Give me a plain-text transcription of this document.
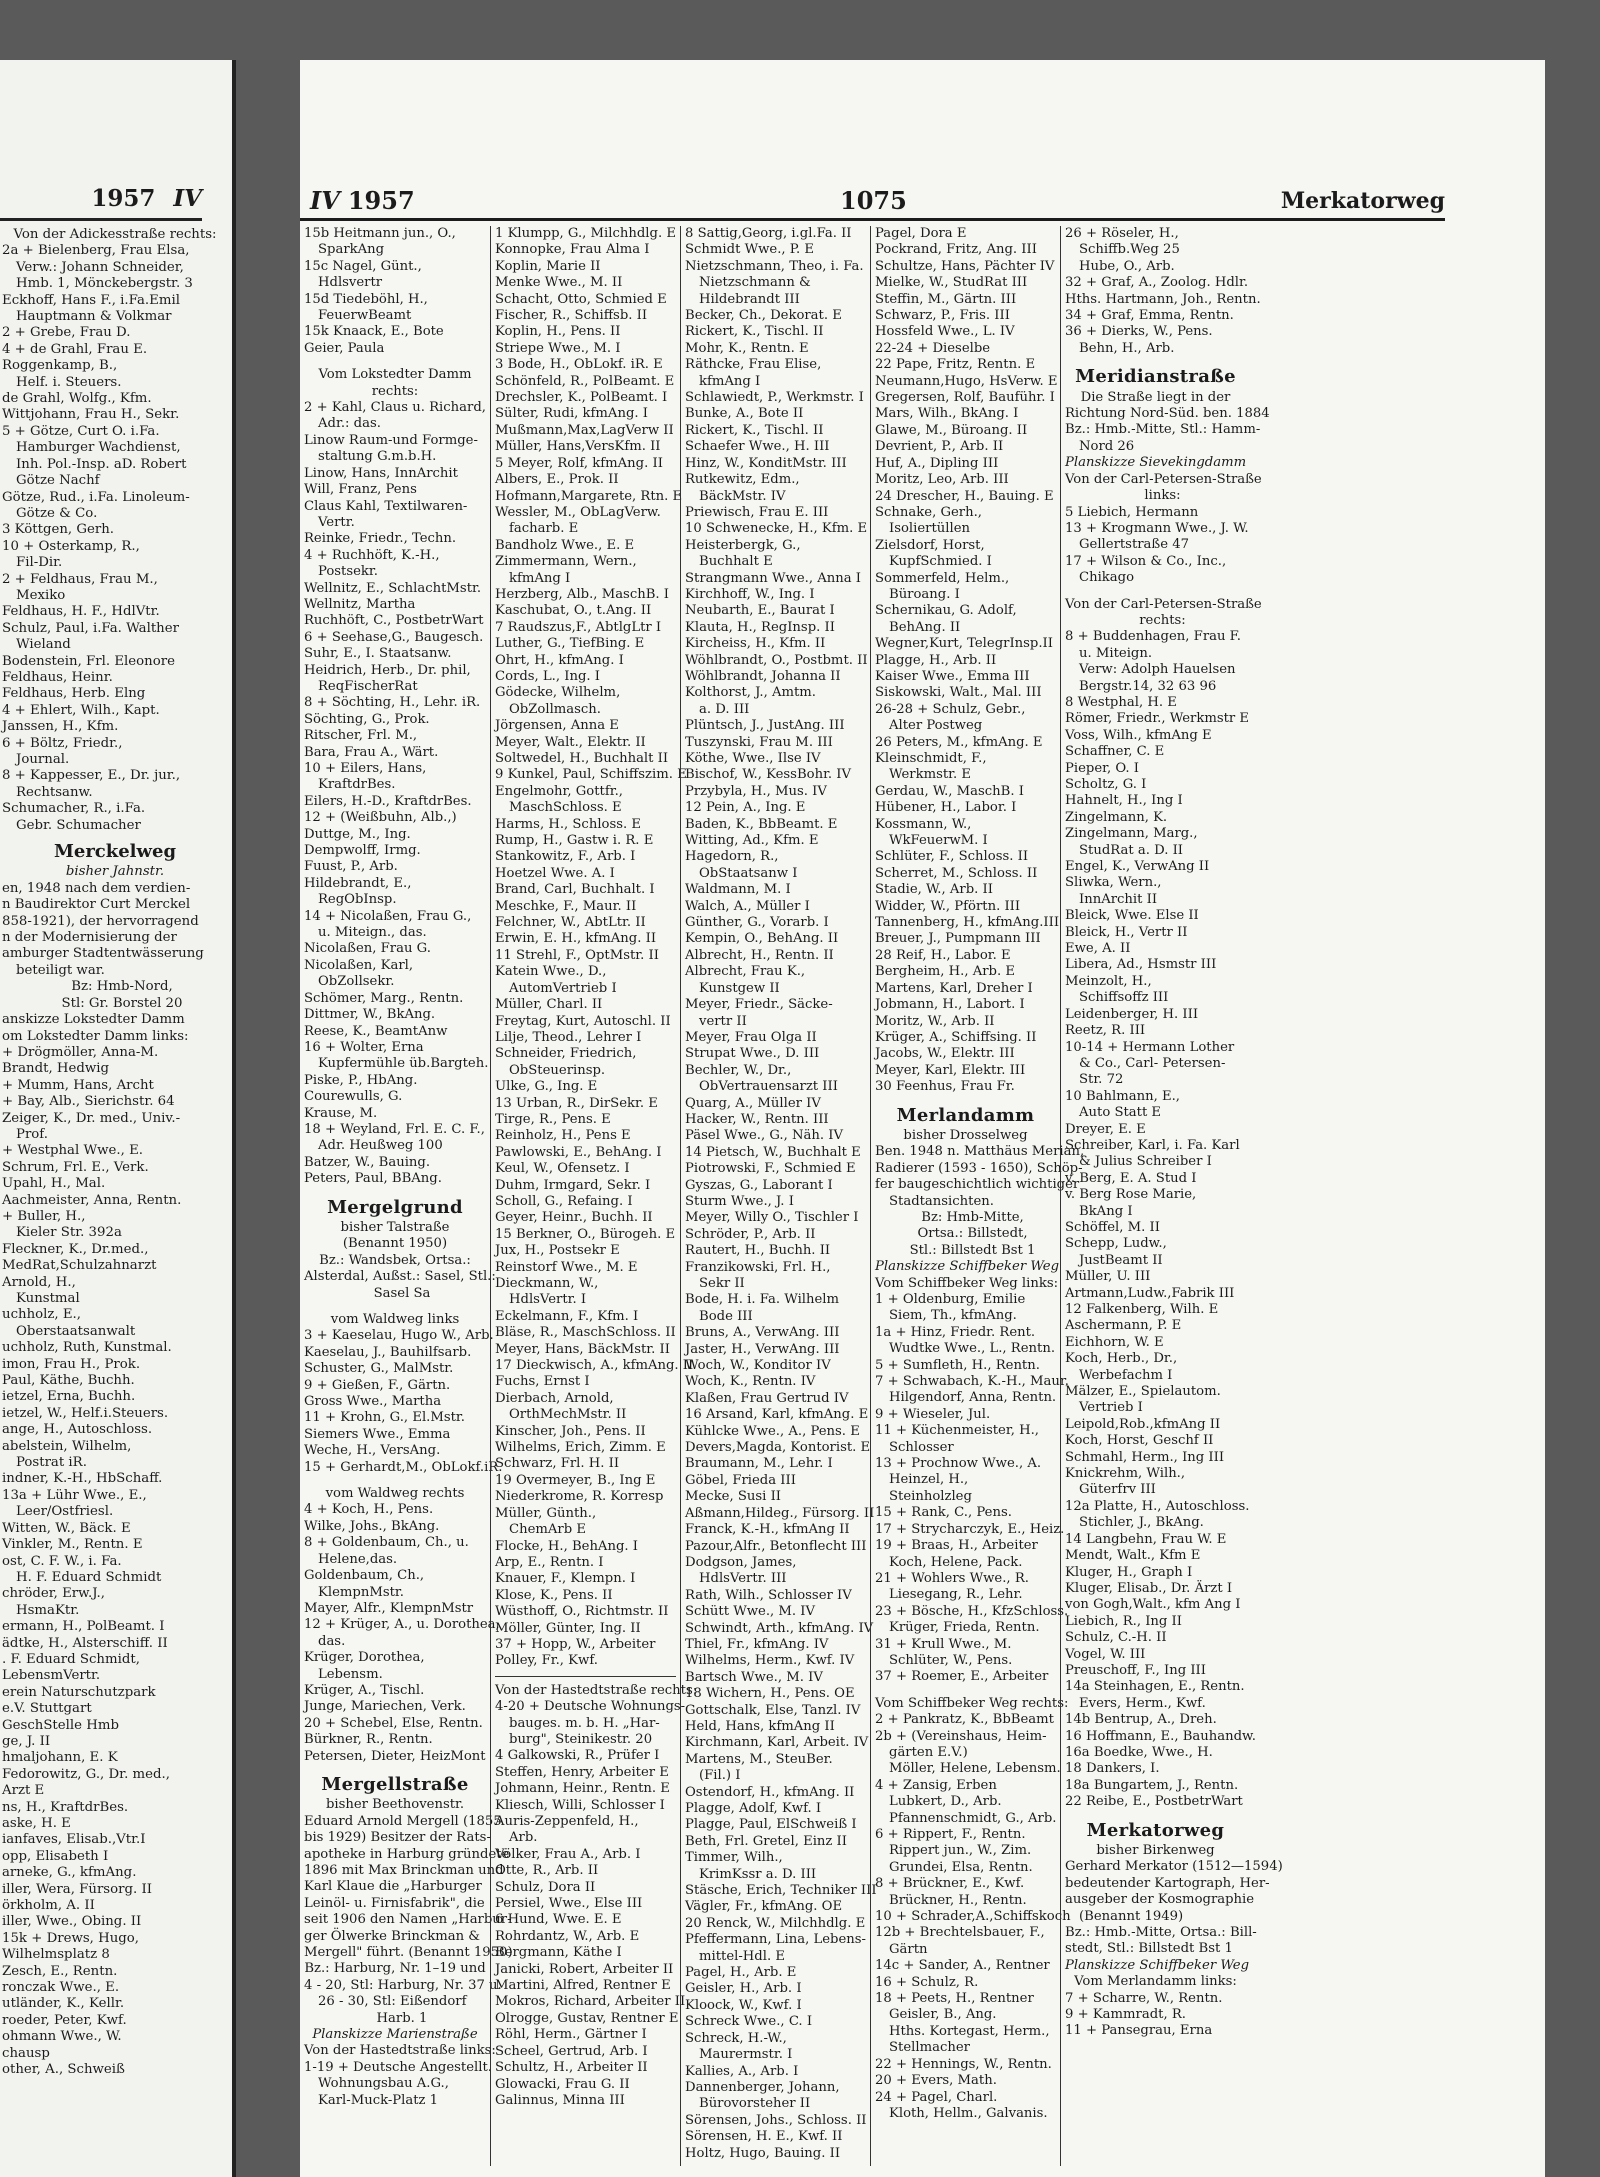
1957 IV
Von der Adickesstraße rechts:
2a + Bielenberg, Frau Elsa,
Verw.: Johann Schneider,
Hmb. 1, Mönckebergstr. 3
Eckhoff, Hans F., i.Fa.Emil
Hauptmann & Volkmar
2 + Grebe, Frau D.
4 + de Grahl, Frau E.
Roggenkamp, B.,
Helf. i. Steuers.
de Grahl, Wolfg., Kfm.
Wittjohann, Frau H., Sekr.
5 + Götze, Curt O. i.Fa.
Hamburger Wachdienst,
Inh. Pol.-Insp. aD. Robert
Götze Nachf
Götze, Rud., i.Fa. Linoleum-
Götze & Co.
3 Köttgen, Gerh.
10 + Osterkamp, R.,
Fil-Dir.
2 + Feldhaus, Frau M.,
Mexiko
Feldhaus, H. F., HdlVtr.
Schulz, Paul, i.Fa. Walther
Wieland
Bodenstein, Frl. Eleonore
Feldhaus, Heinr.
Feldhaus, Herb. Elng
4 + Ehlert, Wilh., Kapt.
Janssen, H., Kfm.
6 + Böltz, Friedr.,
Journal.
8 + Kappesser, E., Dr. jur.,
Rechtsanw.
Schumacher, R., i.Fa.
Gebr. Schumacher
Merckelweg
bisher Jahnstr.
en, 1948 nach dem verdien-
n Baudirektor Curt Merckel
858-1921), der hervorragend
n der Modernisierung der
amburger Stadtentwässerung
beteiligt war.
Bz: Hmb-Nord,
Stl: Gr. Borstel 20
anskizze Lokstedter Damm
om Lokstedter Damm links:
+ Drögmöller, Anna-M.
Brandt, Hedwig
+ Mumm, Hans, Archt
+ Bay, Alb., Sierichstr. 64
Zeiger, K., Dr. med., Univ.-
Prof.
+ Westphal Wwe., E.
Schrum, Frl. E., Verk.
Upahl, H., Mal.
Aachmeister, Anna, Rentn.
+ Buller, H.,
Kieler Str. 392a
Fleckner, K., Dr.med.,
MedRat,Schulzahnarzt
Arnold, H.,
Kunstmal
uchholz, E.,
Oberstaatsanwalt
uchholz, Ruth, Kunstmal.
imon, Frau H., Prok.
Paul, Käthe, Buchh.
ietzel, Erna, Buchh.
ietzel, W., Helf.i.Steuers.
ange, H., Autoschloss.
abelstein, Wilhelm,
Postrat iR.
indner, K.-H., HbSchaff.
13a + Lühr Wwe., E.,
Leer/Ostfriesl.
Witten, W., Bäck. E
Vinkler, M., Rentn. E
ost, C. F. W., i. Fa.
H. F. Eduard Schmidt
chröder, Erw.J.,
HsmaKtr.
ermann, H., PolBeamt. I
ädtke, H., Alsterschiff. II
. F. Eduard Schmidt,
LebensmVertr.
erein Naturschutzpark
e.V. Stuttgart
GeschStelle Hmb
ge, J. II
hmaljohann, E. K
Fedorowitz, G., Dr. med.,
Arzt E
ns, H., KraftdrBes.
aske, H. E
ianfaves, Elisab.,Vtr.I
opp, Elisabeth I
arneke, G., kfmAng.
iller, Wera, Fürsorg. II
örkholm, A. II
iller, Wwe., Obing. II
15k + Drews, Hugo,
Wilhelmsplatz 8
Zesch, E., Rentn.
ronczak Wwe., E.
utländer, K., Kellr.
roeder, Peter, Kwf.
ohmann Wwe., W.
chausp
other, A., Schweiß
IV 1957	1075	Merkatorweg
15b Heitmann jun., O.,
SparkAng
15c Nagel, Günt.,
Hdlsvertr
15d Tiedeböhl, H.,
FeuerwBeamt
15k Knaack, E., Bote
Geier, Paula
Vom Lokstedter Damm
rechts:
2 + Kahl, Claus u. Richard,
Adr.: das.
Linow Raum-und Formge-
staltung G.m.b.H.
Linow, Hans, InnArchit
Will, Franz, Pens
Claus Kahl, Textilwaren-
Vertr.
Reinke, Friedr., Techn.
4 + Ruchhöft, K.-H.,
Postsekr.
Wellnitz, E., SchlachtMstr.
Wellnitz, Martha
Ruchhöft, C., PostbetrWart
6 + Seehase,G., Baugesch.
Suhr, E., I. Staatsanw.
Heidrich, Herb., Dr. phil,
ReqFischerRat
8 + Söchting, H., Lehr. iR.
Söchting, G., Prok.
Ritscher, Frl. M.,
Bara, Frau A., Wärt.
10 + Eilers, Hans,
KraftdrBes.
Eilers, H.-D., KraftdrBes.
12 + (Weißbuhn, Alb.,)
Duttge, M., Ing.
Dempwolff, Irmg.
Fuust, P., Arb.
Hildebrandt, E.,
RegObInsp.
14 + Nicolaßen, Frau G.,
u. Miteign., das.
Nicolaßen, Frau G.
Nicolaßen, Karl,
ObZollsekr.
Schömer, Marg., Rentn.
Dittmer, W., BkAng.
Reese, K., BeamtAnw
16 + Wolter, Erna
Kupfermühle üb.Bargteh.
Piske, P., HbAng.
Courewulls, G.
Krause, M.
18 + Weyland, Frl. E. C. F.,
Adr. Heußweg 100
Batzer, W., Bauing.
Peters, Paul, BBAng.
Mergelgrund
bisher Talstraße
(Benannt 1950)
Bz.: Wandsbek, Ortsa.:
Alsterdal, Außst.: Sasel, Stl.:
Sasel Sa
vom Waldweg links
3 + Kaeselau, Hugo W., Arb.
Kaeselau, J., Bauhilfsarb.
Schuster, G., MalMstr.
9 + Gießen, F., Gärtn.
Gross Wwe., Martha
11 + Krohn, G., El.Mstr.
Siemers Wwe., Emma
Weche, H., VersAng.
15 + Gerhardt,M., ObLokf.iR.
vom Waldweg rechts
4 + Koch, H., Pens.
Wilke, Johs., BkAng.
8 + Goldenbaum, Ch., u.
Helene,das.
Goldenbaum, Ch.,
KlempnMstr.
Mayer, Alfr., KlempnMstr
12 + Krüger, A., u. Dorothea,
das.
Krüger, Dorothea,
Lebensm.
Krüger, A., Tischl.
Junge, Mariechen, Verk.
20 + Schebel, Else, Rentn.
Bürkner, R., Rentn.
Petersen, Dieter, HeizMont
Mergellstraße
bisher Beethovenstr.
Eduard Arnold Mergell (1855
bis 1929) Besitzer der Rats-
apotheke in Harburg gründete
1896 mit Max Brinckman und
Karl Klaue die „Harburger
Leinöl- u. Firnisfabrik", die
seit 1906 den Namen „Harbur-
ger Ölwerke Brinckman &
Mergell" führt. (Benannt 1950)
Bz.: Harburg, Nr. 1–19 und
4 - 20, Stl: Harburg, Nr. 37 u.
26 - 30, Stl: Eißendorf
Harb. 1
Planskizze Marienstraße
Von der Hastedtstraße links:
1-19 + Deutsche Angestellt.
Wohnungsbau A.G.,
Karl-Muck-Platz 1
1 Klumpp, G., Milchhdlg. E
Konnopke, Frau Alma I
Koplin, Marie II
Menke Wwe., M. II
Schacht, Otto, Schmied E
Fischer, R., Schiffsb. II
Koplin, H., Pens. II
Striepe Wwe., M. I
3 Bode, H., ObLokf. iR. E
Schönfeld, R., PolBeamt. E
Drechsler, K., PolBeamt. I
Sülter, Rudi, kfmAng. I
Mußmann,Max,LagVerw II
Müller, Hans,VersKfm. II
5 Meyer, Rolf, kfmAng. II
Albers, E., Prok. II
Hofmann,Margarete, Rtn. E
Wessler, M., ObLagVerw.
facharb. E
Bandholz Wwe., E. E
Zimmermann, Wern.,
kfmAng I
Herzberg, Alb., MaschB. I
Kaschubat, O., t.Ang. II
7 Raudszus,F., AbtlgLtr I
Luther, G., TiefBing. E
Ohrt, H., kfmAng. I
Cords, L., Ing. I
Gödecke, Wilhelm,
ObZollmasch.
Jörgensen, Anna E
Meyer, Walt., Elektr. II
Soltwedel, H., Buchhalt II
9 Kunkel, Paul, Schiffszim. E
Engelmohr, Gottfr.,
MaschSchloss. E
Harms, H., Schloss. E
Rump, H., Gastw i. R. E
Stankowitz, F., Arb. I
Hoetzel Wwe. A. I
Brand, Carl, Buchhalt. I
Meschke, F., Maur. II
Felchner, W., AbtLtr. II
Erwin, E. H., kfmAng. II
11 Strehl, F., OptMstr. II
Katein Wwe., D.,
AutomVertrieb I
Müller, Charl. II
Freytag, Kurt, Autoschl. II
Lilje, Theod., Lehrer I
Schneider, Friedrich,
ObSteuerinsp.
Ulke, G., Ing. E
13 Urban, R., DirSekr. E
Tirge, R., Pens. E
Reinholz, H., Pens E
Pawlowski, E., BehAng. I
Keul, W., Ofensetz. I
Duhm, Irmgard, Sekr. I
Scholl, G., Refaing. I
Geyer, Heinr., Buchh. II
15 Berkner, O., Bürogeh. E
Jux, H., Postsekr E
Reinstorf Wwe., M. E
Dieckmann, W.,
HdlsVertr. I
Eckelmann, F., Kfm. I
Bläse, R., MaschSchloss. II
Meyer, Hans, BäckMstr. II
17 Dieckwisch, A., kfmAng. II
Fuchs, Ernst I
Dierbach, Arnold,
OrthMechMstr. II
Kinscher, Joh., Pens. II
Wilhelms, Erich, Zimm. E
Schwarz, Frl. H. II
19 Overmeyer, B., Ing E
Niederkrome, R. Korresp
Müller, Günth.,
ChemArb E
Flocke, H., BehAng. I
Arp, E., Rentn. I
Knauer, F., Klempn. I
Klose, K., Pens. II
Wüsthoff, O., Richtmstr. II
Möller, Günter, Ing. II
37 + Hopp, W., Arbeiter
Polley, Fr., Kwf.
Von der Hastedtstraße rechts:
4-20 + Deutsche Wohnungs-
bauges. m. b. H. „Har-
burg", Steinikestr. 20
4 Galkowski, R., Prüfer I
Steffen, Henry, Arbeiter E
Johmann, Heinr., Rentn. E
Kliesch, Willi, Schlosser I
Auris-Zeppenfeld, H.,
Arb.
Völker, Frau A., Arb. I
Otte, R., Arb. II
Schulz, Dora II
Persiel, Wwe., Else III
6 Hund, Wwe. E. E
Rohrdantz, W., Arb. E
Bergmann, Käthe I
Janicki, Robert, Arbeiter II
Martini, Alfred, Rentner E
Mokros, Richard, Arbeiter II
Olrogge, Gustav, Rentner E
Röhl, Herm., Gärtner I
Scheel, Gertrud, Arb. I
Schultz, H., Arbeiter II
Glowacki, Frau G. II
Galinnus, Minna III
8 Sattig,Georg, i.gl.Fa. II
Schmidt Wwe., P. E
Nietzschmann, Theo, i. Fa.
Nietzschmann &
Hildebrandt III
Becker, Ch., Dekorat. E
Rickert, K., Tischl. II
Mohr, K., Rentn. E
Räthcke, Frau Elise,
kfmAng I
Schlawiedt, P., Werkmstr. I
Bunke, A., Bote II
Rickert, K., Tischl. II
Schaefer Wwe., H. III
Hinz, W., KonditMstr. III
Rutkewitz, Edm.,
BäckMstr. IV
Priewisch, Frau E. III
10 Schwenecke, H., Kfm. E
Heisterbergk, G.,
Buchhalt E
Strangmann Wwe., Anna I
Kirchhoff, W., Ing. I
Neubarth, E., Baurat I
Klauta, H., RegInsp. II
Kircheiss, H., Kfm. II
Wöhlbrandt, O., Postbmt. II
Wöhlbrandt, Johanna II
Kolthorst, J., Amtm.
a. D. III
Plüntsch, J., JustAng. III
Tuszynski, Frau M. III
Köthe, Wwe., Ilse IV
Bischof, W., KessBohr. IV
Przybyla, H., Mus. IV
12 Pein, A., Ing. E
Baden, K., BbBeamt. E
Witting, Ad., Kfm. E
Hagedorn, R.,
ObStaatsanw I
Waldmann, M. I
Walch, A., Müller I
Günther, G., Vorarb. I
Kempin, O., BehAng. II
Albrecht, H., Rentn. II
Albrecht, Frau K.,
Kunstgew II
Meyer, Friedr., Säcke-
vertr II
Meyer, Frau Olga II
Strupat Wwe., D. III
Bechler, W., Dr.,
ObVertrauensarzt III
Quarg, A., Müller IV
Hacker, W., Rentn. III
Päsel Wwe., G., Näh. IV
14 Pietsch, W., Buchhalt E
Piotrowski, F., Schmied E
Gyszas, G., Laborant I
Sturm Wwe., J. I
Meyer, Willy O., Tischler I
Schröder, P., Arb. II
Rautert, H., Buchh. II
Franzikowski, Frl. H.,
Sekr II
Bode, H. i. Fa. Wilhelm
Bode III
Bruns, A., VerwAng. III
Jaster, H., VerwAng. III
Woch, W., Konditor IV
Woch, K., Rentn. IV
Klaßen, Frau Gertrud IV
16 Arsand, Karl, kfmAng. E
Kühlcke Wwe., A., Pens. E
Devers,Magda, Kontorist. E
Braumann, M., Lehr. I
Göbel, Frieda III
Mecke, Susi II
Aßmann,Hildeg., Fürsorg. II
Franck, K.-H., kfmAng II
Pazour,Alfr., Betonflecht III
Dodgson, James,
HdlsVertr. III
Rath, Wilh., Schlosser IV
Schütt Wwe., M. IV
Schwindt, Arth., kfmAng. IV
Thiel, Fr., kfmAng. IV
Wilhelms, Herm., Kwf. IV
Bartsch Wwe., M. IV
18 Wichern, H., Pens. OE
Gottschalk, Else, Tanzl. IV
Held, Hans, kfmAng II
Kirchmann, Karl, Arbeit. IV
Martens, M., SteuBer.
(Fil.) I
Ostendorf, H., kfmAng. II
Plagge, Adolf, Kwf. I
Plagge, Paul, ElSchweiß I
Beth, Frl. Gretel, Einz II
Timmer, Wilh.,
KrimKssr a. D. III
Stäsche, Erich, Techniker III
Vägler, Fr., kfmAng. OE
20 Renck, W., Milchhdlg. E
Pfeffermann, Lina, Lebens-
mittel-Hdl. E
Pagel, H., Arb. E
Geisler, H., Arb. I
Kloock, W., Kwf. I
Schreck Wwe., C. I
Schreck, H.-W.,
Maurermstr. I
Kallies, A., Arb. I
Dannenberger, Johann,
Bürovorsteher II
Sörensen, Johs., Schloss. II
Sörensen, H. E., Kwf. II
Holtz, Hugo, Bauing. II
Pagel, Dora E
Pockrand, Fritz, Ang. III
Schultze, Hans, Pächter IV
Mielke, W., StudRat III
Steffin, M., Gärtn. III
Schwarz, P., Fris. III
Hossfeld Wwe., L. IV
22-24 + Dieselbe
22 Pape, Fritz, Rentn. E
Neumann,Hugo, HsVerw. E
Gregersen, Rolf, Bauführ. I
Mars, Wilh., BkAng. I
Glawe, M., Büroang. II
Devrient, P., Arb. II
Huf, A., Dipling III
Moritz, Leo, Arb. III
24 Drescher, H., Bauing. E
Schnake, Gerh.,
Isoliertüllen
Zielsdorf, Horst,
KupfSchmied. I
Sommerfeld, Helm.,
Büroang. I
Schernikau, G. Adolf,
BehAng. II
Wegner,Kurt, TelegrInsp.II
Plagge, H., Arb. II
Kaiser Wwe., Emma III
Siskowski, Walt., Mal. III
26-28 + Schulz, Gebr.,
Alter Postweg
26 Peters, M., kfmAng. E
Kleinschmidt, F.,
Werkmstr. E
Gerdau, W., MaschB. I
Hübener, H., Labor. I
Kossmann, W.,
WkFeuerwM. I
Schlüter, F., Schloss. II
Scherret, M., Schloss. II
Stadie, W., Arb. II
Widder, W., Pförtn. III
Tannenberg, H., kfmAng.III
Breuer, J., Pumpmann III
28 Reif, H., Labor. E
Bergheim, H., Arb. E
Martens, Karl, Dreher I
Jobmann, H., Labort. I
Moritz, W., Arb. II
Krüger, A., Schiffsing. II
Jacobs, W., Elektr. III
Meyer, Karl, Elektr. III
30 Feenhus, Frau Fr.
Merlandamm
bisher Drosselweg
Ben. 1948 n. Matthäus Merian,
Radierer (1593 - 1650), Schöp-
fer baugeschichtlich wichtiger
Stadtansichten.
Bz: Hmb-Mitte,
Ortsa.: Billstedt,
Stl.: Billstedt Bst 1
Planskizze Schiffbeker Weg
Vom Schiffbeker Weg links:
1 + Oldenburg, Emilie
Siem, Th., kfmAng.
1a + Hinz, Friedr. Rent.
Wudtke Wwe., L., Rentn.
5 + Sumfleth, H., Rentn.
7 + Schwabach, K.-H., Maur.
Hilgendorf, Anna, Rentn.
9 + Wieseler, Jul.
11 + Küchenmeister, H.,
Schlosser
13 + Prochnow Wwe., A.
Heinzel, H.,
Steinholzleg
15 + Rank, C., Pens.
17 + Strycharczyk, E., Heiz.
19 + Braas, H., Arbeiter
Koch, Helene, Pack.
21 + Wohlers Wwe., R.
Liesegang, R., Lehr.
23 + Bösche, H., KfzSchloss.
Krüger, Frieda, Rentn.
31 + Krull Wwe., M.
Schlüter, W., Pens.
37 + Roemer, E., Arbeiter
Vom Schiffbeker Weg rechts:
2 + Pankratz, K., BbBeamt
2b + (Vereinshaus, Heim-
gärten E.V.)
Möller, Helene, Lebensm.
4 + Zansig, Erben
Lubkert, D., Arb.
Pfannenschmidt, G., Arb.
6 + Rippert, F., Rentn.
Rippert jun., W., Zim.
Grundei, Elsa, Rentn.
8 + Brückner, E., Kwf.
Brückner, H., Rentn.
10 + Schrader,A.,Schiffskoch
12b + Brechtelsbauer, F.,
Gärtn
14c + Sander, A., Rentner
16 + Schulz, R.
18 + Peets, H., Rentner
Geisler, B., Ang.
Hths. Kortegast, Herm.,
Stellmacher
22 + Hennings, W., Rentn.
20 + Evers, Math.
24 + Pagel, Charl.
Kloth, Hellm., Galvanis.
26 + Röseler, H.,
Schiffb.Weg 25
Hube, O., Arb.
32 + Graf, A., Zoolog. Hdlr.
Hths. Hartmann, Joh., Rentn.
34 + Graf, Emma, Rentn.
36 + Dierks, W., Pens.
Behn, H., Arb.
Meridianstraße
Die Straße liegt in der
Richtung Nord-Süd. ben. 1884
Bz.: Hmb.-Mitte, Stl.: Hamm-
Nord 26
Planskizze Sievekingdamm
Von der Carl-Petersen-Straße
links:
5 Liebich, Hermann
13 + Krogmann Wwe., J. W.
Gellertstraße 47
17 + Wilson & Co., Inc.,
Chikago
Von der Carl-Petersen-Straße
rechts:
8 + Buddenhagen, Frau F.
u. Miteign.
Verw: Adolph Hauelsen
Bergstr.14, 32 63 96
8 Westphal, H. E
Römer, Friedr., Werkmstr E
Voss, Wilh., kfmAng E
Schaffner, C. E
Pieper, O. I
Scholtz, G. I
Hahnelt, H., Ing I
Zingelmann, K.
Zingelmann, Marg.,
StudRat a. D. II
Engel, K., VerwAng II
Sliwka, Wern.,
InnArchit II
Bleick, Wwe. Else II
Bleick, H., Vertr II
Ewe, A. II
Libera, Ad., Hsmstr III
Meinzolt, H.,
Schiffsoffz III
Leidenberger, H. III
Reetz, R. III
10-14 + Hermann Lother
& Co., Carl- Petersen-
Str. 72
10 Bahlmann, E.,
Auto Statt E
Dreyer, E. E
Schreiber, Karl, i. Fa. Karl
& Julius Schreiber I
v. Berg, E. A. Stud I
v. Berg Rose Marie,
BkAng I
Schöffel, M. II
Schepp, Ludw.,
JustBeamt II
Müller, U. III
Artmann,Ludw.,Fabrik III
12 Falkenberg, Wilh. E
Aschermann, P. E
Eichhorn, W. E
Koch, Herb., Dr.,
Werbefachm I
Mälzer, E., Spielautom.
Vertrieb I
Leipold,Rob.,kfmAng II
Koch, Horst, Geschf II
Schmahl, Herm., Ing III
Knickrehm, Wilh.,
Güterfrv III
12a Platte, H., Autoschloss.
Stichler, J., BkAng.
14 Langbehn, Frau W. E
Mendt, Walt., Kfm E
Kluger, H., Graph I
Kluger, Elisab., Dr. Ärzt I
von Gogh,Walt., kfm Ang I
Liebich, R., Ing II
Schulz, C.-H. II
Vogel, W. III
Preuschoff, F., Ing III
14a Steinhagen, E., Rentn.
Evers, Herm., Kwf.
14b Bentrup, A., Dreh.
16 Hoffmann, E., Bauhandw.
16a Boedke, Wwe., H.
18 Dankers, I.
18a Bungartem, J., Rentn.
22 Reibe, E., PostbetrWart
Merkatorweg
bisher Birkenweg
Gerhard Merkator (1512—1594)
bedeutender Kartograph, Her-
ausgeber der Kosmographie
(Benannt 1949)
Bz.: Hmb.-Mitte, Ortsa.: Bill-
stedt, Stl.: Billstedt Bst 1
Planskizze Schiffbeker Weg
Vom Merlandamm links:
7 + Scharre, W., Rentn.
9 + Kammradt, R.
11 + Pansegrau, Erna
